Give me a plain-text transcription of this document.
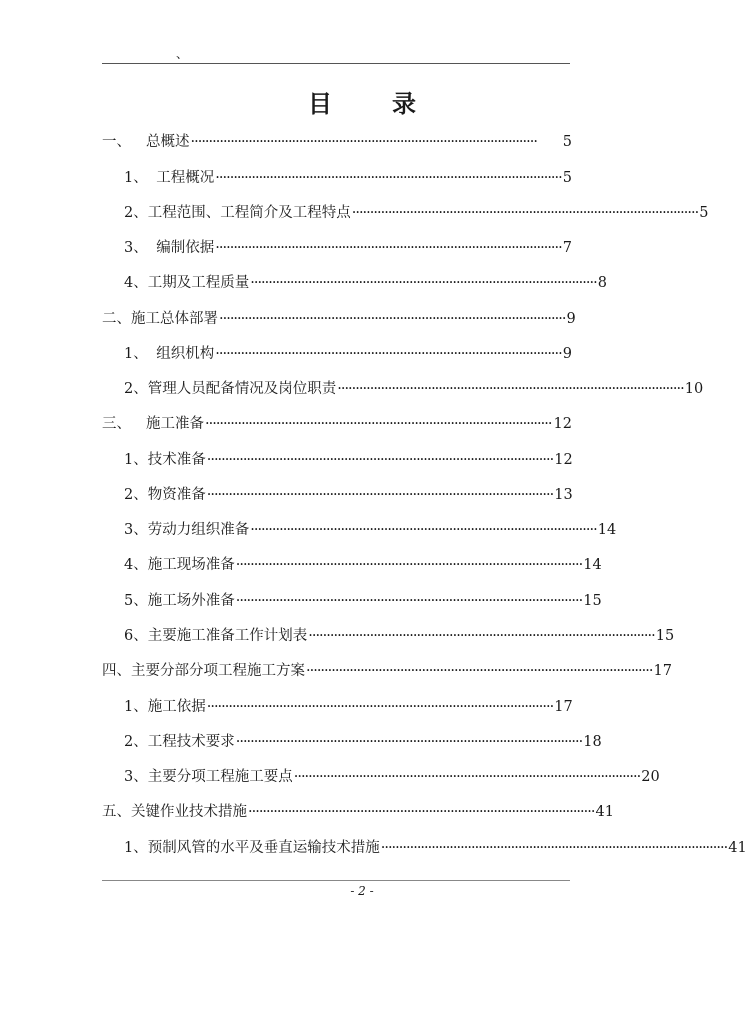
、
目录
一、	总概述 ································································································	5
1、 工程概况 ································································································ 5
2、 工程范围、工程简介及工程特点 ································································································ 5
3、 编制依据 ································································································ 7
4、 工期及工程质量 ································································································ 8
二、 施工总体部署 ································································································ 9
1、 组织机构 ································································································ 9
2、 管理人员配备情况及岗位职责 ································································································ 10
三、	施工准备 ································································································ 12
1、 技术准备 ································································································ 12
2、 物资准备 ································································································ 13
3、 劳动力组织准备 ································································································ 14
4、 施工现场准备 ································································································ 14
5、 施工场外准备 ································································································ 15
6、 主要施工准备工作计划表 ································································································ 15
四、 主要分部分项工程施工方案 ································································································ 17
1、 施工依据 ································································································ 17
2、 工程技术要求 ································································································ 18
3、 主要分项工程施工要点 ································································································ 20
五、 关键作业技术措施 ································································································ 41
1、 预制风管的水平及垂直运输技术措施 ································································································ 41
- 2 -
